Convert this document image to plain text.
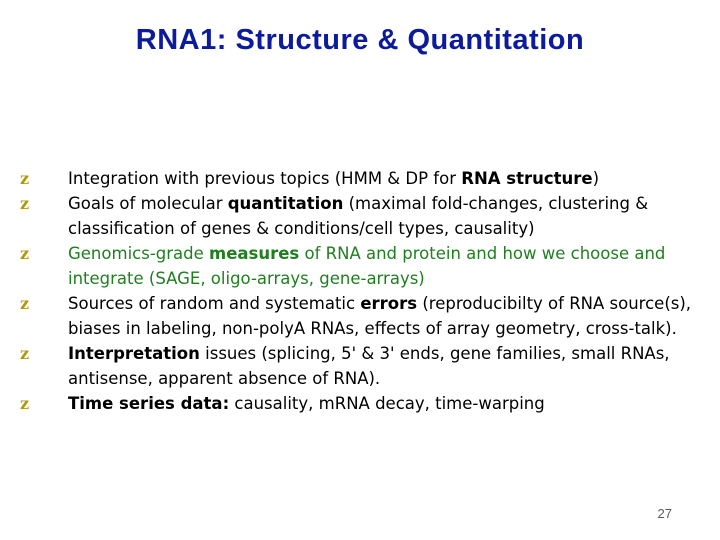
RNA1: Structure & Quantitation
z Integration with previous topics (HMM & DP for RNA structure)
z Goals of molecular quantitation (maximal fold-changes, clustering & classification of genes & conditions/cell types, causality)
z Genomics-grade measures of RNA and protein and how we choose and integrate (SAGE, oligo-arrays, gene-arrays)
z Sources of random and systematic errors (reproducibilty of RNA source(s), biases in labeling, non-polyA RNAs, effects of array geometry, cross-talk).
z Interpretation issues (splicing, 5' & 3' ends, gene families, small RNAs, antisense, apparent absence of RNA).
z Time series data: causality, mRNA decay, time-warping
27
